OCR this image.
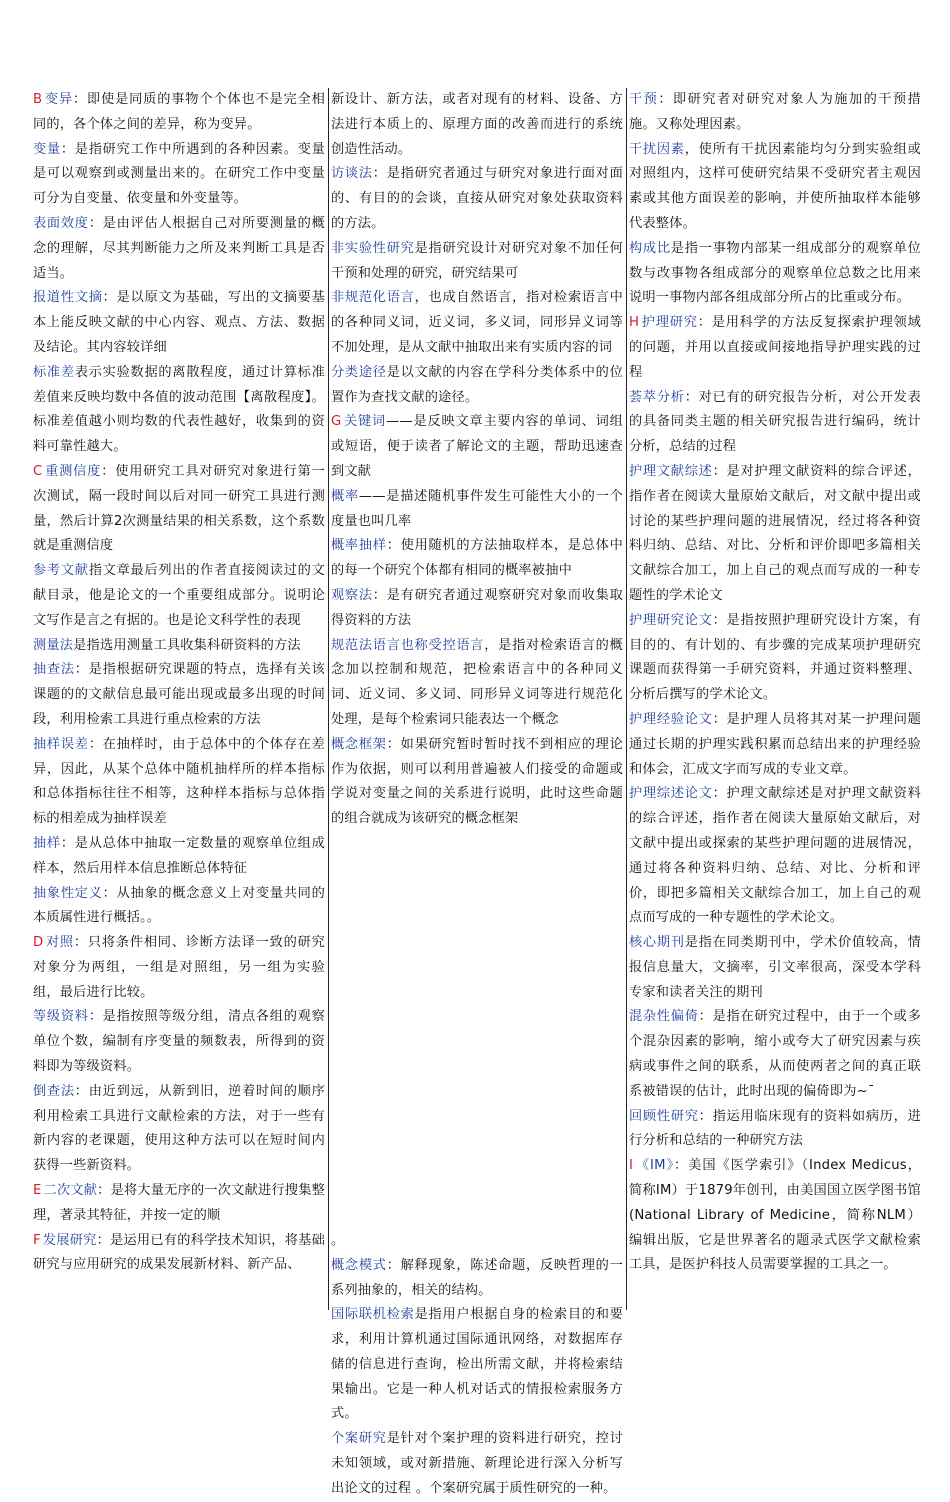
B 变异：即使是同质的事物个个体也不是完全相同的，各个体之间的差异，称为变异。

变量：是指研究工作中所遇到的各种因素。变量是可以观察到或测量出来的。在研究工作中变量可分为自变量、依变量和外变量等。

表面效度：是由评估人根据自己对所要测量的概念的理解，尽其判断能力之所及来判断工具是否适当。

报道性文摘：是以原文为基础，写出的文摘要基本上能反映文献的中心内容、观点、方法、数据及结论。其内容较详细

标准差表示实验数据的离散程度，通过计算标准差值来反映均数中各值的波动范围【离散程度】。标准差值越小则均数的代表性越好，收集到的资料可靠性越大。

C 重测信度：使用研究工具对研究对象进行第一次测试，隔一段时间以后对同一研究工具进行测量，然后计算2次测量结果的相关系数，这个系数就是重测信度

参考文献指文章最后列出的作者直接阅读过的文献目录，他是论文的一个重要组成部分。说明论文写作是言之有据的。也是论文科学性的表现

测量法是指选用测量工具收集科研资料的方法

抽查法：是指根据研究课题的特点，选择有关该课题的的文献信息最可能出现或最多出现的时间段，利用检索工具进行重点检索的方法

抽样误差：在抽样时，由于总体中的个体存在差异，因此，从某个总体中随机抽样所的样本指标和总体指标往往不相等，这种样本指标与总体指标的相差成为抽样误差

抽样：是从总体中抽取一定数量的观察单位组成样本，然后用样本信息推断总体特征

抽象性定义：从抽象的概念意义上对变量共同的本质属性进行概括。。

D 对照：只将条件相同、诊断方法译一致的研究对象分为两组，一组是对照组，另一组为实验组，最后进行比较。

等级资料：是指按照等级分组，清点各组的观察单位个数，编制有序变量的频数表，所得到的资料即为等级资料。

倒查法：由近到远，从新到旧，逆着时间的顺序利用检索工具进行文献检索的方法，对于一些有新内容的老课题，使用这种方法可以在短时间内获得一些新资料。

E 二次文献：是将大量无序的一次文献进行搜集整理，著录其特征，并按一定的顺

F 发展研究：是运用已有的科学技术知识，将基础研究与应用研究的成果发展新材料、新产品、

新设计、新方法，或者对现有的材料、设备、方法进行本质上的、原理方面的改善而进行的系统创造性活动。

访谈法：是指研究者通过与研究对象进行面对面的、有目的的会谈，直接从研究对象处获取资料的方法。

非实验性研究是指研究设计对研究对象不加任何干预和处理的研究，研究结果可

非规范化语言，也成自然语言，指对检索语言中的各种同义词，近义词，多义词，同形异义词等不加处理，是从文献中抽取出来有实质内容的词

分类途径是以文献的内容在学科分类体系中的位置作为查找文献的途径。

G 关键词——是反映文章主要内容的单词、词组或短语，便于读者了解论文的主题，帮助迅速查到文献

概率——是描述随机事件发生可能性大小的一个度量也叫几率

概率抽样：使用随机的方法抽取样本，是总体中的每一个研究个体都有相同的概率被抽中

观察法：是有研究者通过观察研究对象而收集取得资料的方法

规范法语言也称受控语言，是指对检索语言的概念加以控制和规范，把检索语言中的各种同义词、近义词、多义词、同形异义词等进行规范化处理，是每个检索词只能表达一个概念

概念框架：如果研究暂时暂时找不到相应的理论作为依据，则可以利用普遍被人们接受的命题或学说对变量之间的关系进行说明，此时这些命题的组合就成为该研究的概念框架

。

概念模式：解释现象，陈述命题，反映哲理的一系列抽象的，相关的结构。

国际联机检索是指用户根据自身的检索目的和要求，利用计算机通过国际通讯网络，对数据库存储的信息进行查询，检出所需文献，并将检索结果输出。它是一种人机对话式的情报检索服务方式。

个案研究是针对个案护理的资料进行研究，控讨未知领域，或对新措施、新理论进行深入分析写出论文的过程 。个案研究属于质性研究的一种。

干预：即研究者对研究对象人为施加的干预措施。又称处理因素。

干扰因素，使所有干扰因素能均匀分到实验组或对照组内，这样可使研究结果不受研究者主观因素或其他方面误差的影响，并使所抽取样本能够代表整体。

构成比是指一事物内部某一组成部分的观察单位数与改事物各组成部分的观察单位总数之比用来说明一事物内部各组成部分所占的比重或分布。

H 护理研究：是用科学的方法反复探索护理领域的问题，并用以直接或间接地指导护理实践的过程

荟萃分析：对已有的研究报告分析，对公开发表的具备同类主题的相关研究报告进行编码，统计分析，总结的过程

护理文献综述：是对护理文献资料的综合评述，指作者在阅读大量原始文献后，对文献中提出或讨论的某些护理问题的进展情况，经过将各种资料归纳、总结、对比、分析和评价即吧多篇相关文献综合加工，加上自己的观点而写成的一种专题性的学术论文

护理研究论文：是指按照护理研究设计方案，有目的的、有计划的、有步骤的完成某项护理研究课题而获得第一手研究资料，并通过资料整理、分析后撰写的学术论文。

护理经验论文：是护理人员将其对某一护理问题通过长期的护理实践积累而总结出来的护理经验和体会，汇成文字而写成的专业文章。

护理综述论文：护理文献综述是对护理文献资料的综合评述，指作者在阅读大量原始文献后，对文献中提出或探索的某些护理问题的进展情况，通过将各种资料归纳、总结、对比、分析和评价，即把多篇相关文献综合加工，加上自己的观点而写成的一种专题性的学术论文。

核心期刊是指在同类期刊中，学术价值较高，情报信息量大，文摘率，引文率很高，深受本学科专家和读者关注的期刊

混杂性偏倚：是指在研究过程中，由于一个或多个混杂因素的影响，缩小或夸大了研究因素与疾病或事件之间的联系，从而使两者之间的真正联系被错误的估计，此时出现的偏倚即为~ˉ

回顾性研究：指运用临床现有的资料如病历，进行分析和总结的一种研究方法

I 《IM》：美国《医学索引》（Index Medicus，简称IM）于1879年创刊，由美国国立医学图书馆(National Library of Medicine，简称NLM）编辑出版，它是世界著名的题录式医学文献检索工具，是医护科技人员需要掌握的工具之一。
